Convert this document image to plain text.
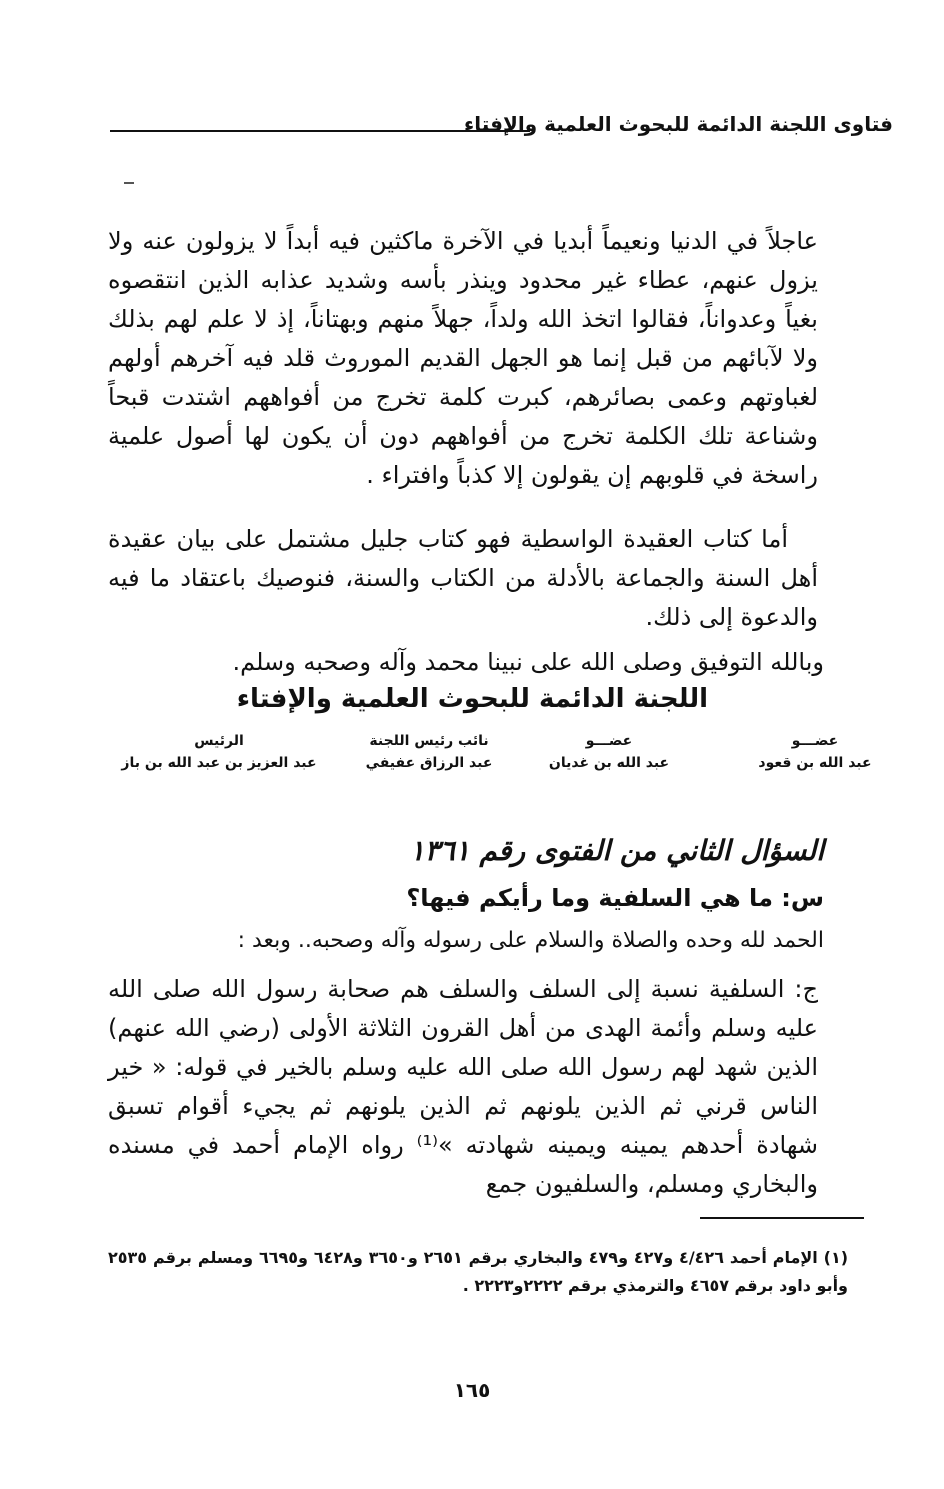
فتاوى اللجنة الدائمة للبحوث العلمية والإفتاء
عاجلاً في الدنيا ونعيماً أبديا في الآخرة ماكثين فيه أبداً لا يزولون عنه ولا يزول عنهم، عطاء غير محدود وينذر بأسه وشديد عذابه الذين انتقصوه بغياً وعدواناً، فقالوا اتخذ الله ولداً، جهلاً منهم وبهتاناً، إذ لا علم لهم بذلك ولا لآبائهم من قبل إنما هو الجهل القديم الموروث قلد فيه آخرهم أولهم لغباوتهم وعمى بصائرهم، كبرت كلمة تخرج من أفواههم اشتدت قبحاً وشناعة تلك الكلمة تخرج من أفواههم دون أن يكون لها أصول علمية راسخة في قلوبهم إن يقولون إلا كذباً وافتراء .
أما كتاب العقيدة الواسطية فهو كتاب جليل مشتمل على بيان عقيدة أهل السنة والجماعة بالأدلة من الكتاب والسنة، فنوصيك باعتقاد ما فيه والدعوة إلى ذلك.
وبالله التوفيق وصلى الله على نبينا محمد وآله وصحبه وسلم.
اللجنة الدائمة للبحوث العلمية والإفتاء
عضـــو
عبد الله بن قعود
عضـــو
عبد الله بن غديان
نائب رئيس اللجنة
عبد الرزاق عفيفي
الرئيس
عبد العزيز بن عبد الله بن باز
السؤال الثاني من الفتوى رقم ١٣٦١
س: ما هي السلفية وما رأيكم فيها؟
الحمد لله وحده والصلاة والسلام على رسوله وآله وصحبه.. وبعد :
ج: السلفية نسبة إلى السلف والسلف هم صحابة رسول الله صلى الله عليه وسلم وأئمة الهدى من أهل القرون الثلاثة الأولى (رضي الله عنهم) الذين شهد لهم رسول الله صلى الله عليه وسلم بالخير في قوله: « خير الناس قرني ثم الذين يلونهم ثم الذين يلونهم ثم يجيء أقوام تسبق شهادة أحدهم يمينه ويمينه شهادته »⁽¹⁾ رواه الإمام أحمد في مسنده والبخاري ومسلم، والسلفيون جمع
(١) الإمام أحمد ٤/٤٢٦ و٤٢٧ و٤٧٩ والبخاري برقم ٢٦٥١ و٣٦٥٠ و٦٤٢٨ و٦٦٩٥ ومسلم برقم ٢٥٣٥ وأبو داود برقم ٤٦٥٧ والترمذي برقم ٢٢٢٢و٢٢٢٣ .
١٦٥
